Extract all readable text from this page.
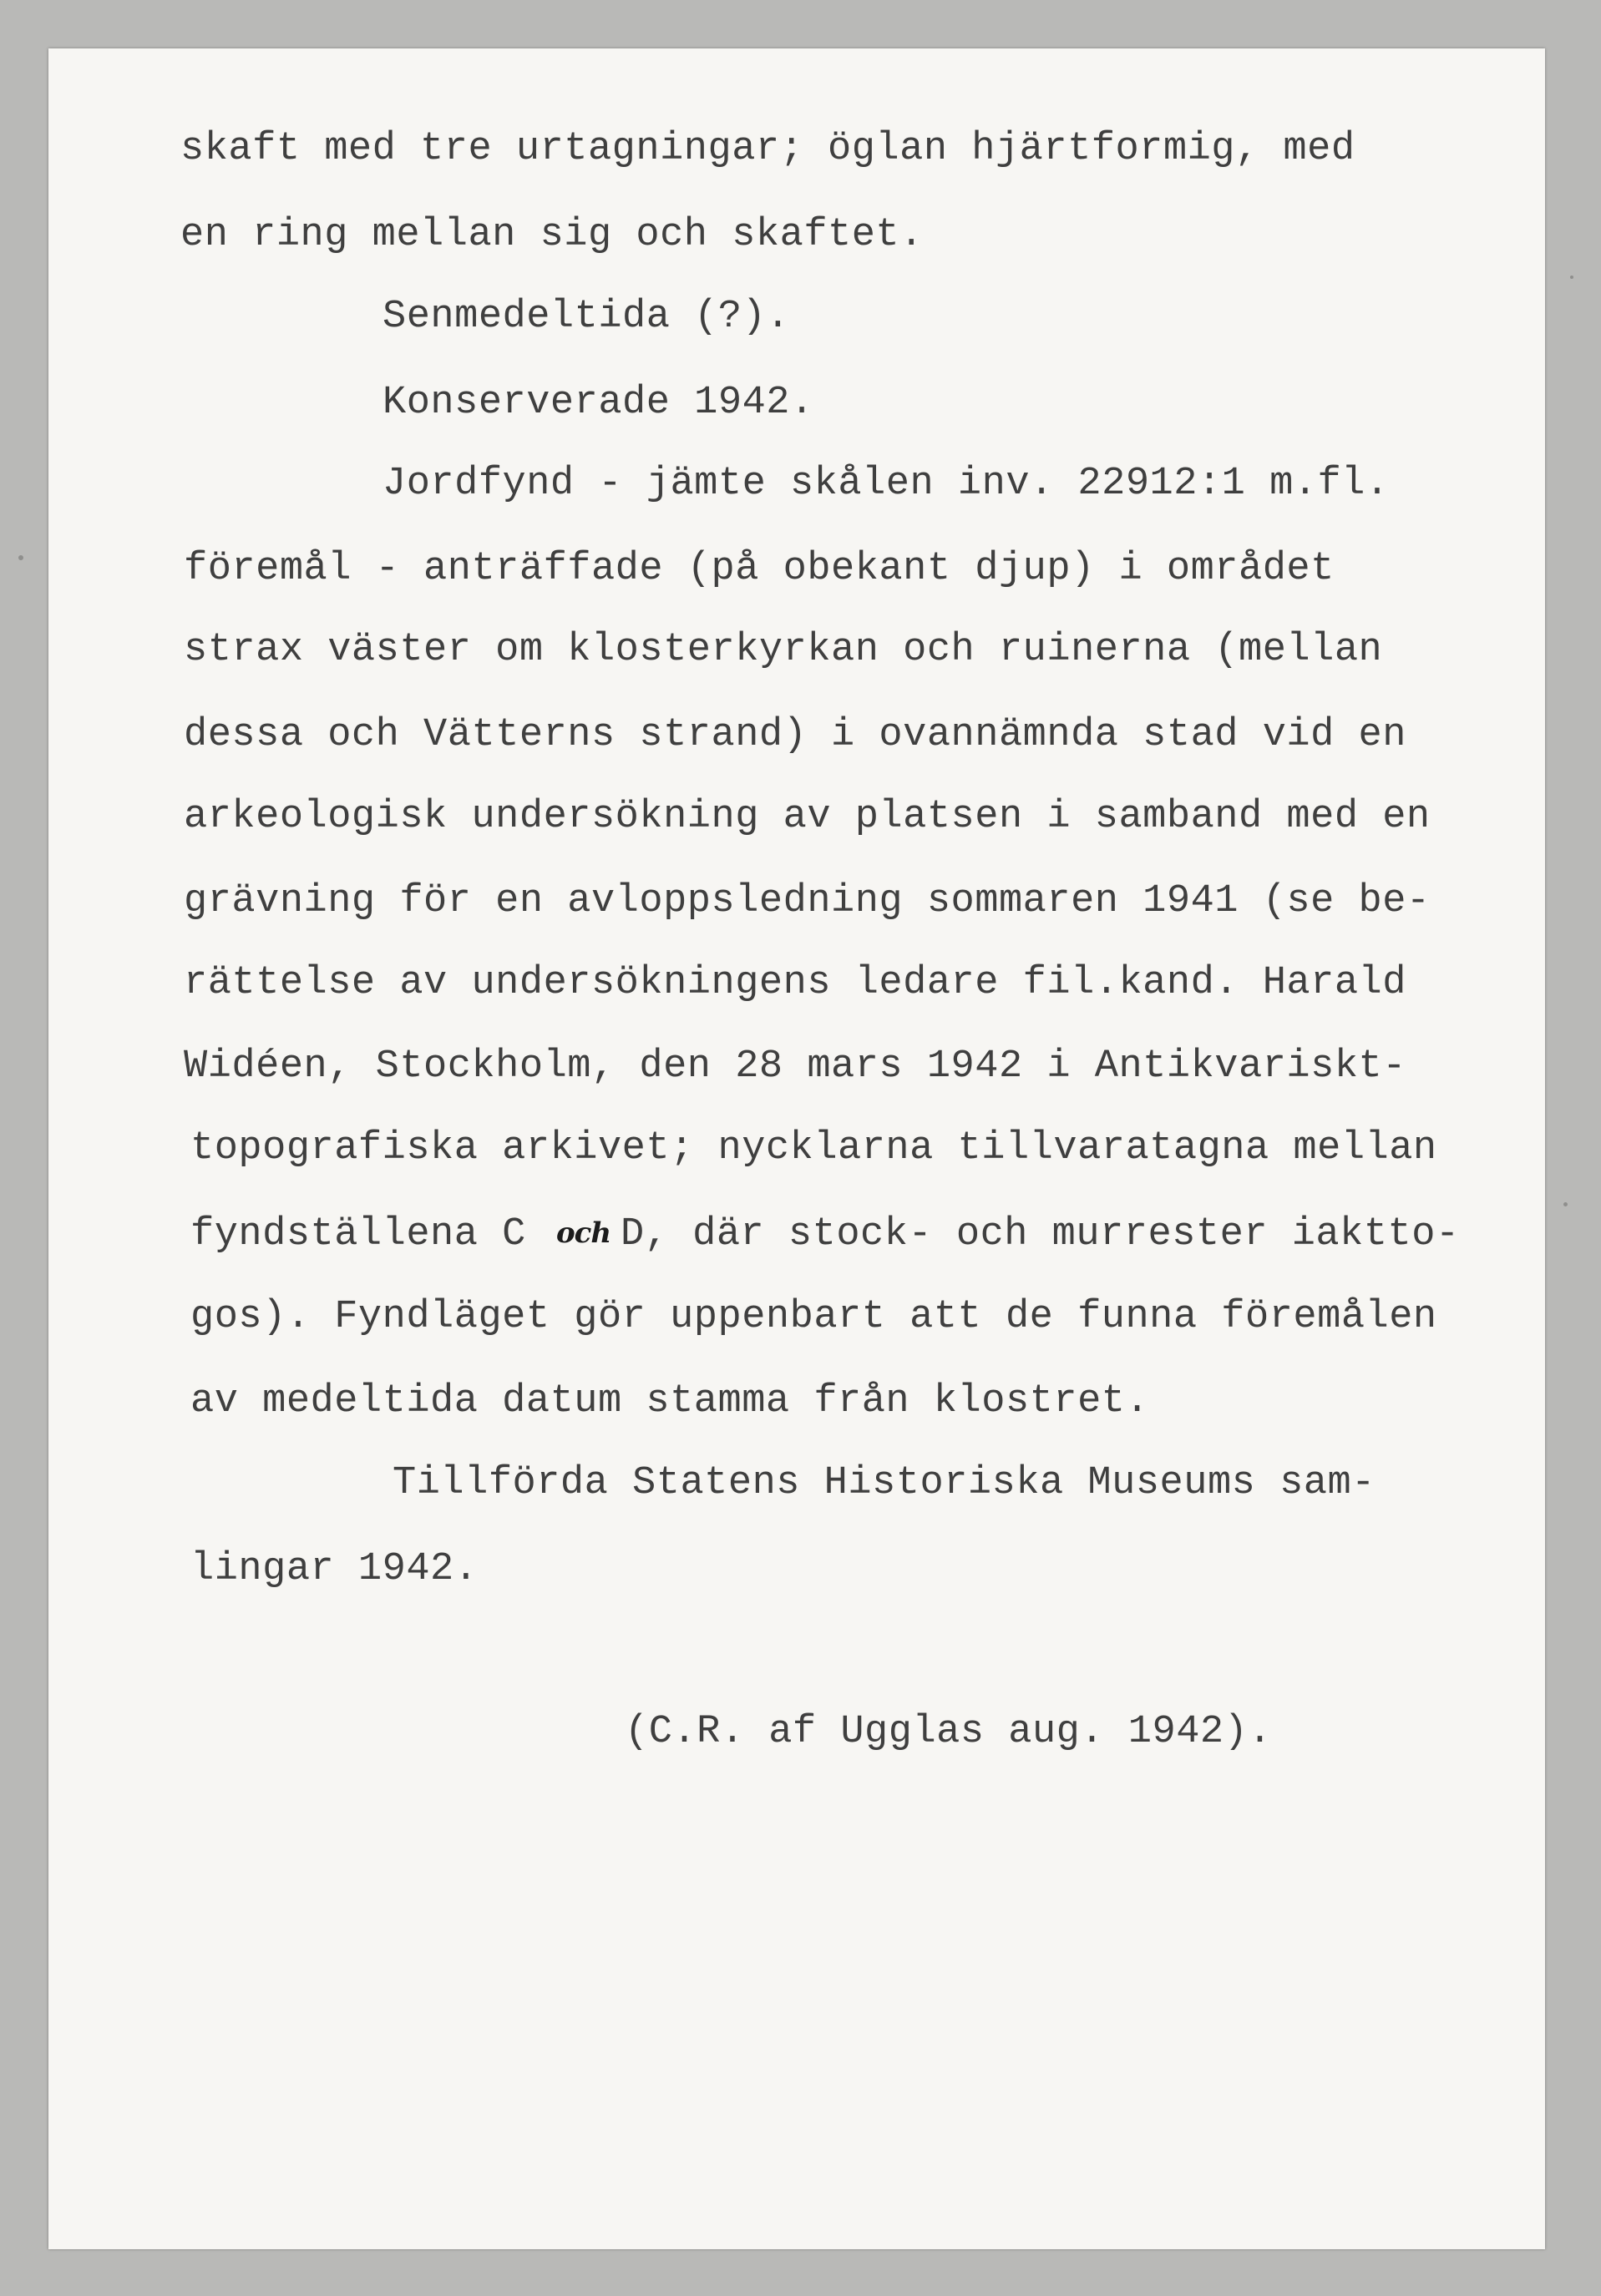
skaft med tre urtagningar; öglan hjärtformig, med

en ring mellan sig och skaftet.

Senmedeltida (?).

Konserverade 1942.

Jordfynd - jämte skålen inv. 22912:1 m.fl.

föremål - anträffade (på obekant djup) i området

strax väster om klosterkyrkan och ruinerna (mellan

dessa och Vätterns strand) i ovannämnda stad vid en

arkeologisk undersökning av platsen i samband med en

grävning för en avloppsledning sommaren 1941 (se be-

rättelse av undersökningens ledare fil.kand. Harald

Widéen, Stockholm, den 28 mars 1942 i Antikvariskt-

topografiska arkivet; nycklarna tillvaratagna mellan

fyndställena C och D, där stock- och murrester iaktto-

gos). Fyndläget gör uppenbart att de funna föremålen

av medeltida datum stamma från klostret.

Tillförda Statens Historiska Museums sam-

lingar 1942.

(C.R. af Ugglas aug. 1942).
